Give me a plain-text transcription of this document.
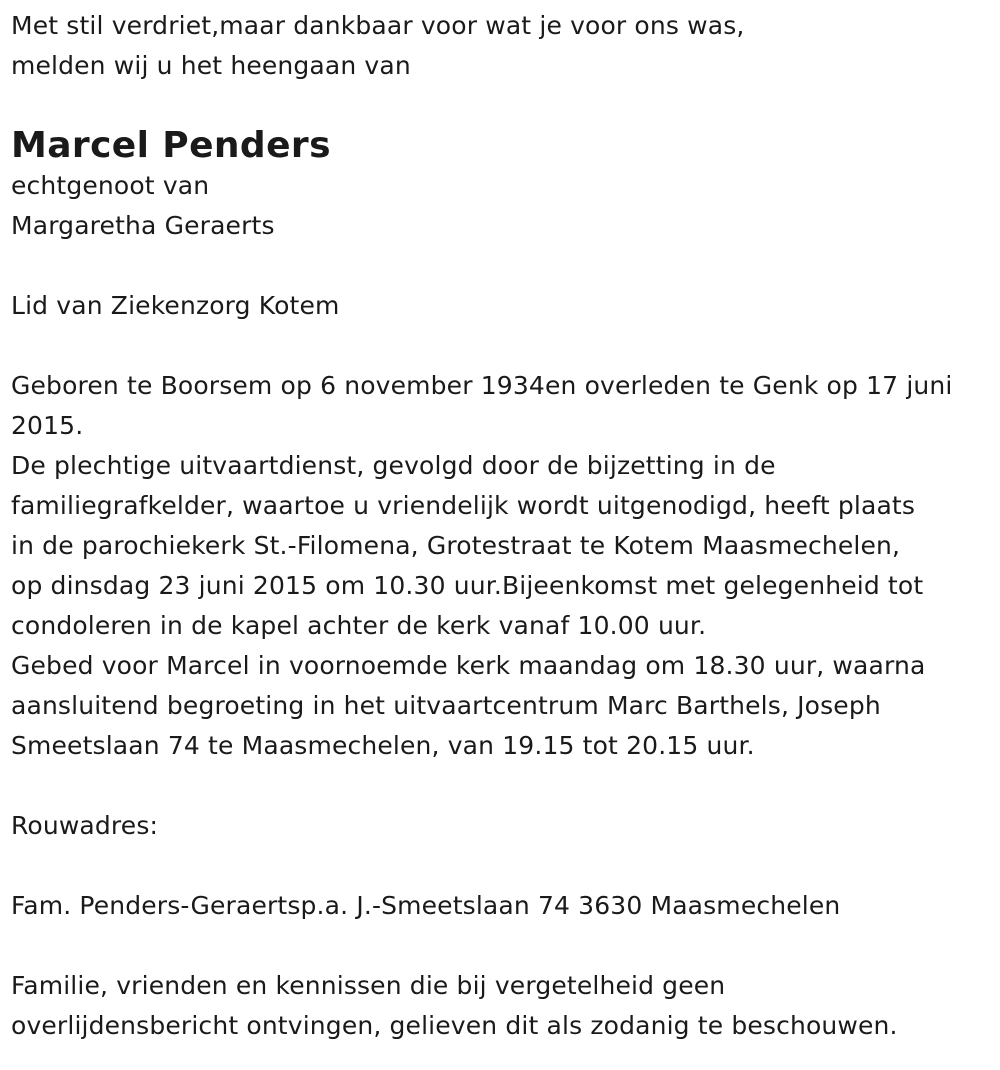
Met stil verdriet,maar dankbaar voor wat je voor ons was,
melden wij u het heengaan van
Marcel Penders
echtgenoot van
Margaretha Geraerts
Lid van Ziekenzorg Kotem
Geboren te Boorsem op 6 november 1934en overleden te Genk op 17 juni
2015.
De plechtige uitvaartdienst, gevolgd door de bijzetting in de
familiegrafkelder, waartoe u vriendelijk wordt uitgenodigd, heeft plaats
in de parochiekerk St.-Filomena, Grotestraat te Kotem Maasmechelen,
op dinsdag 23 juni 2015 om 10.30 uur.Bijeenkomst met gelegenheid tot
condoleren in de kapel achter de kerk vanaf 10.00 uur.
Gebed voor Marcel in voornoemde kerk maandag om 18.30 uur, waarna
aansluitend begroeting in het uitvaartcentrum Marc Barthels, Joseph
Smeetslaan 74 te Maasmechelen, van 19.15 tot 20.15 uur.
Rouwadres:
Fam. Penders-Geraertsp.a. J.-Smeetslaan 74 3630 Maasmechelen
Familie, vrienden en kennissen die bij vergetelheid geen
overlijdensbericht ontvingen, gelieven dit als zodanig te beschouwen.
